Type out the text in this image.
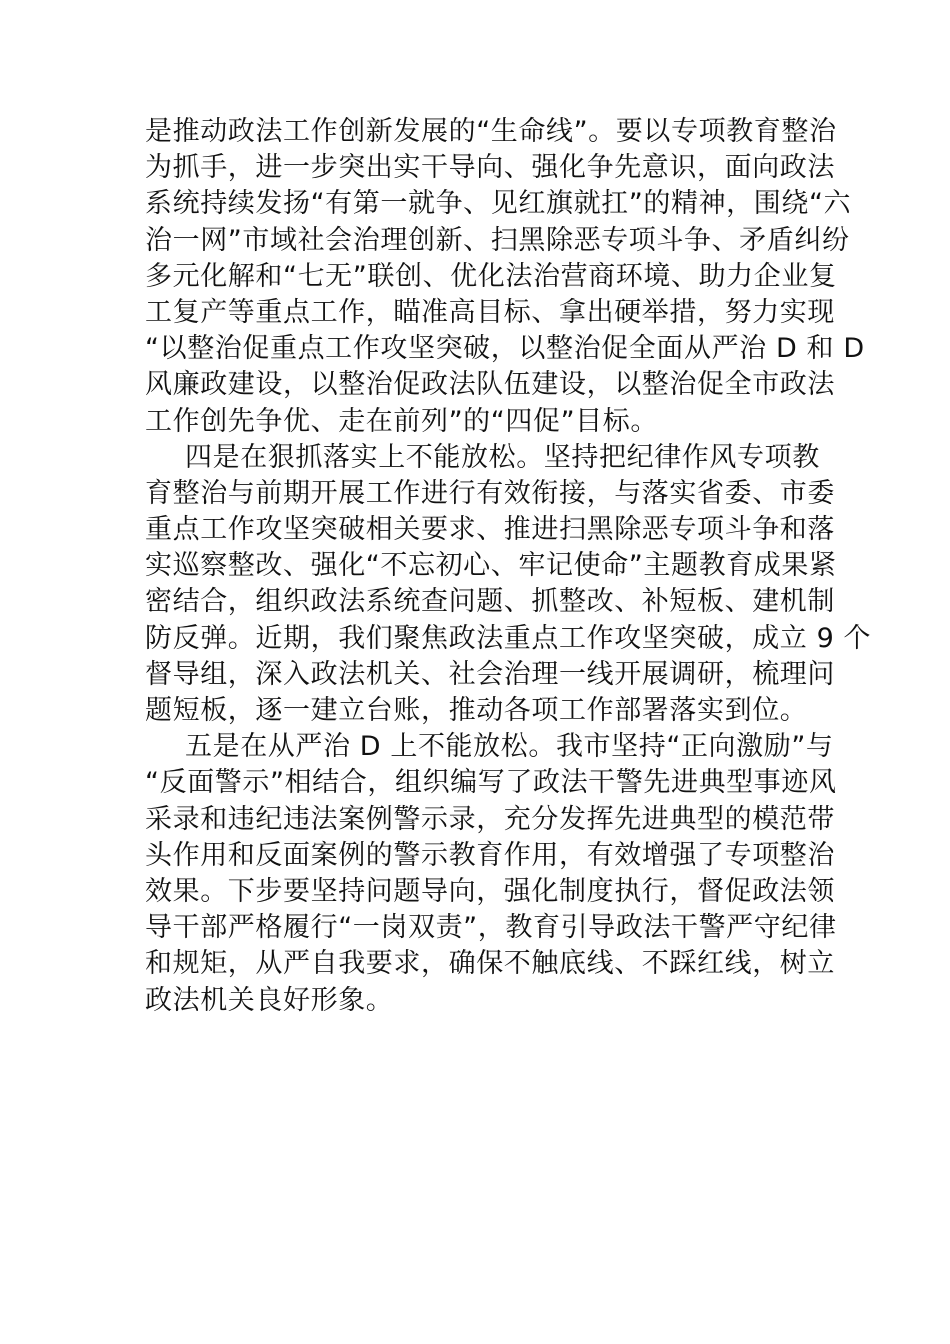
是推动政法工作创新发展的“生命线”。要以专项教育整治
为抓手，进一步突出实干导向、强化争先意识，面向政法
系统持续发扬“有第一就争、见红旗就扛”的精神，围绕“六
治一网”市域社会治理创新、扫黑除恶专项斗争、矛盾纠纷
多元化解和“七无”联创、优化法治营商环境、助力企业复
工复产等重点工作，瞄准高目标、拿出硬举措，努力实现
“以整治促重点工作攻坚突破，以整治促全面从严治 D 和 D
风廉政建设，以整治促政法队伍建设，以整治促全市政法
工作创先争优、走在前列”的“四促”目标。
四是在狠抓落实上不能放松。坚持把纪律作风专项教
育整治与前期开展工作进行有效衔接，与落实省委、市委
重点工作攻坚突破相关要求、推进扫黑除恶专项斗争和落
实巡察整改、强化“不忘初心、牢记使命”主题教育成果紧
密结合，组织政法系统查问题、抓整改、补短板、建机制
防反弹。近期，我们聚焦政法重点工作攻坚突破，成立 9 个
督导组，深入政法机关、社会治理一线开展调研，梳理问
题短板，逐一建立台账，推动各项工作部署落实到位。
五是在从严治 D 上不能放松。我市坚持“正向激励”与
“反面警示”相结合，组织编写了政法干警先进典型事迹风
采录和违纪违法案例警示录，充分发挥先进典型的模范带
头作用和反面案例的警示教育作用，有效增强了专项整治
效果。下步要坚持问题导向，强化制度执行，督促政法领
导干部严格履行“一岗双责”，教育引导政法干警严守纪律
和规矩，从严自我要求，确保不触底线、不踩红线，树立
政法机关良好形象。
